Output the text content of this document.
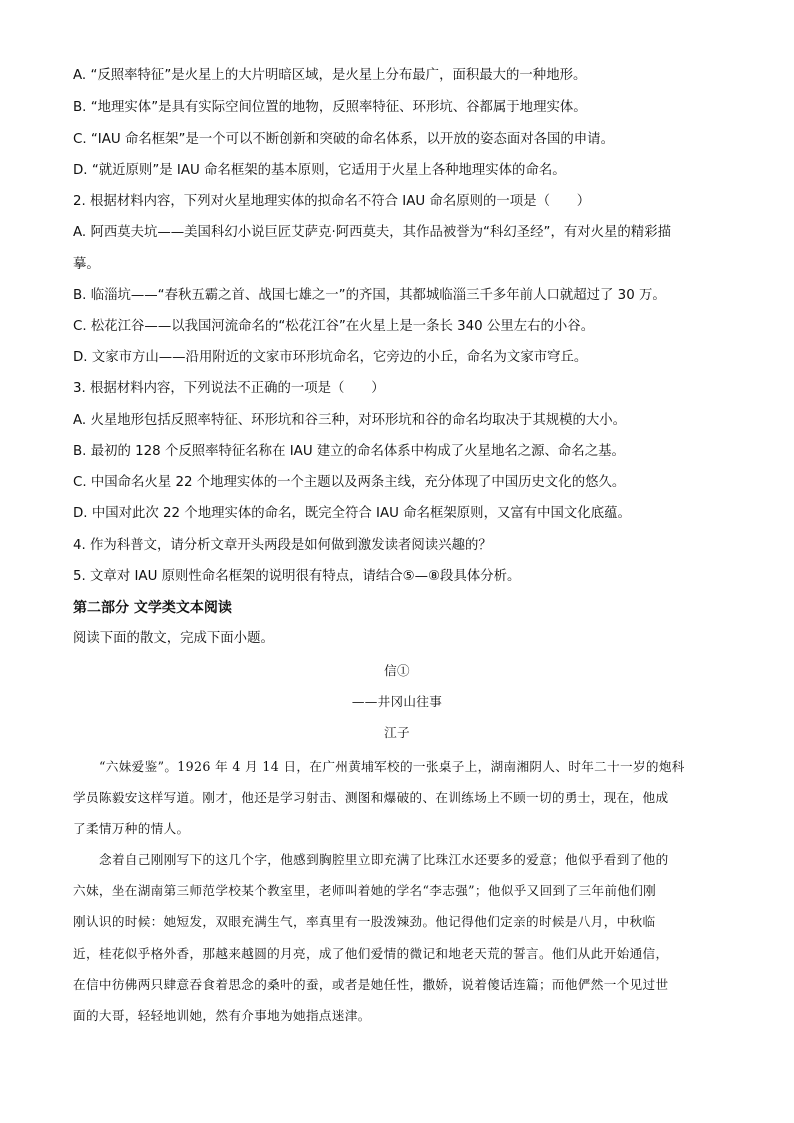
A. “反照率特征”是火星上的大片明暗区域，是火星上分布最广，面积最大的一种地形。
B. “地理实体”是具有实际空间位置的地物，反照率特征、环形坑、谷都属于地理实体。
C. “IAU 命名框架”是一个可以不断创新和突破的命名体系，以开放的姿态面对各国的申请。
D. “就近原则”是 IAU 命名框架的基本原则，它适用于火星上各种地理实体的命名。
2. 根据材料内容，下列对火星地理实体的拟命名不符合 IAU 命名原则的一项是（　　）
A. 阿西莫夫坑——美国科幻小说巨匠艾萨克·阿西莫夫，其作品被誉为“科幻圣经”，有对火星的精彩描
摹。
B. 临淄坑——“春秋五霸之首、战国七雄之一”的齐国，其都城临淄三千多年前人口就超过了 30 万。
C. 松花江谷——以我国河流命名的“松花江谷”在火星上是一条长 340 公里左右的小谷。
D. 文家市方山——沿用附近的文家市环形坑命名，它旁边的小丘，命名为文家市穹丘。
3. 根据材料内容，下列说法不正确的一项是（　　）
A. 火星地形包括反照率特征、环形坑和谷三种，对环形坑和谷的命名均取决于其规模的大小。
B. 最初的 128 个反照率特征名称在 IAU 建立的命名体系中构成了火星地名之源、命名之基。
C. 中国命名火星 22 个地理实体的一个主题以及两条主线，充分体现了中国历史文化的悠久。
D. 中国对此次 22 个地理实体的命名，既完全符合 IAU 命名框架原则，又富有中国文化底蕴。
4. 作为科普文，请分析文章开头两段是如何做到激发读者阅读兴趣的？
5. 文章对 IAU 原则性命名框架的说明很有特点，请结合⑤—⑧段具体分析。
第二部分 文学类文本阅读
阅读下面的散文，完成下面小题。
信①
——井冈山往事
江子
“六妹爱鉴”。1926 年 4 月 14 日，在广州黄埔军校的一张桌子上，湖南湘阴人、时年二十一岁的炮科
学员陈毅安这样写道。刚才，他还是学习射击、测图和爆破的、在训练场上不顾一切的勇士，现在，他成
了柔情万种的情人。
念着自己刚刚写下的这几个字，他感到胸腔里立即充满了比珠江水还要多的爱意；他似乎看到了他的
六妹，坐在湖南第三师范学校某个教室里，老师叫着她的学名“李志强”；他似乎又回到了三年前他们刚
刚认识的时候：她短发，双眼充满生气，率真里有一股泼辣劲。他记得他们定亲的时候是八月，中秋临
近，桂花似乎格外香，那越来越圆的月亮，成了他们爱情的微记和地老天荒的誓言。他们从此开始通信，
在信中彷佛两只肆意吞食着思念的桑叶的蚕，或者是她任性，撒娇，说着傻话连篇；而他俨然一个见过世
面的大哥，轻轻地训她，然有介事地为她指点迷津。
